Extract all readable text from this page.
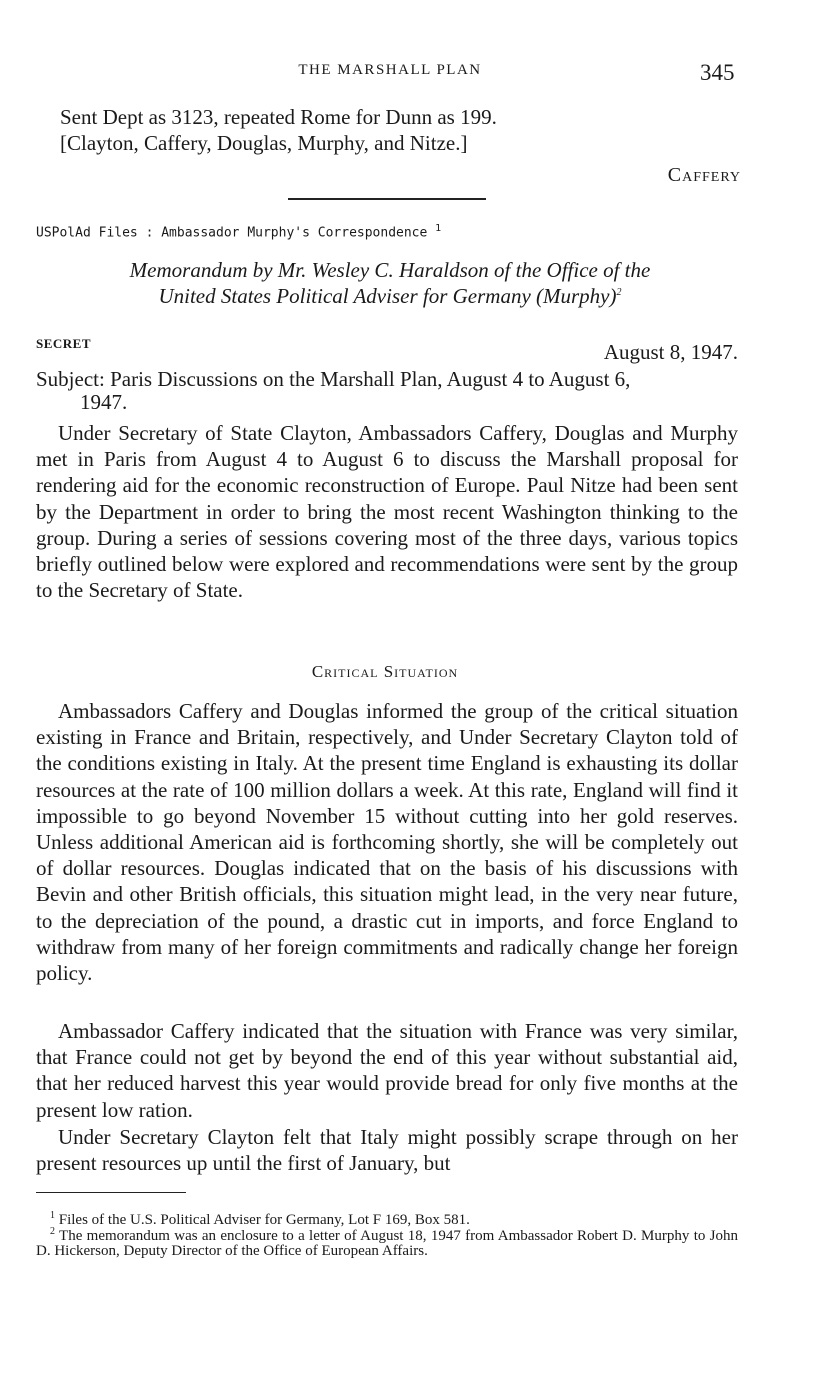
THE MARSHALL PLAN	345
Sent Dept as 3123, repeated Rome for Dunn as 199.
[Clayton, Caffery, Douglas, Murphy, and Nitze.]
Caffery
USPolAd Files : Ambassador Murphy's Correspondence $^1$
Memorandum by Mr. Wesley C. Haraldson of the Office of the
United States Political Adviser for Germany (Murphy)$^2$
SECRET	August 8, 1947.
Subject: Paris Discussions on the Marshall Plan, August 4 to August 6,
1947.

Under Secretary of State Clayton, Ambassadors Caffery, Douglas and Murphy met in Paris from August 4 to August 6 to discuss the Marshall proposal for rendering aid for the economic reconstruction of Europe. Paul Nitze had been sent by the Department in order to bring the most recent Washington thinking to the group. During a series of sessions covering most of the three days, various topics briefly outlined below were explored and recommendations were sent by the group to the Secretary of State.

Critical Situation

Ambassadors Caffery and Douglas informed the group of the critical situation existing in France and Britain, respectively, and Under Secretary Clayton told of the conditions existing in Italy. At the present time England is exhausting its dollar resources at the rate of 100 million dollars a week. At this rate, England will find it impossible to go beyond November 15 without cutting into her gold reserves. Unless additional American aid is forthcoming shortly, she will be completely out of dollar resources. Douglas indicated that on the basis of his discussions with Bevin and other British officials, this situation might lead, in the very near future, to the depreciation of the pound, a drastic cut in imports, and force England to withdraw from many of her foreign commitments and radically change her foreign policy.

Ambassador Caffery indicated that the situation with France was very similar, that France could not get by beyond the end of this year without substantial aid, that her reduced harvest this year would provide bread for only five months at the present low ration.

Under Secretary Clayton felt that Italy might possibly scrape through on her present resources up until the first of January, but

$^1$ Files of the U.S. Political Adviser for Germany, Lot F 169, Box 581.

$^2$ The memorandum was an enclosure to a letter of August 18, 1947 from Ambassador Robert D. Murphy to John D. Hickerson, Deputy Director of the Office of European Affairs.
